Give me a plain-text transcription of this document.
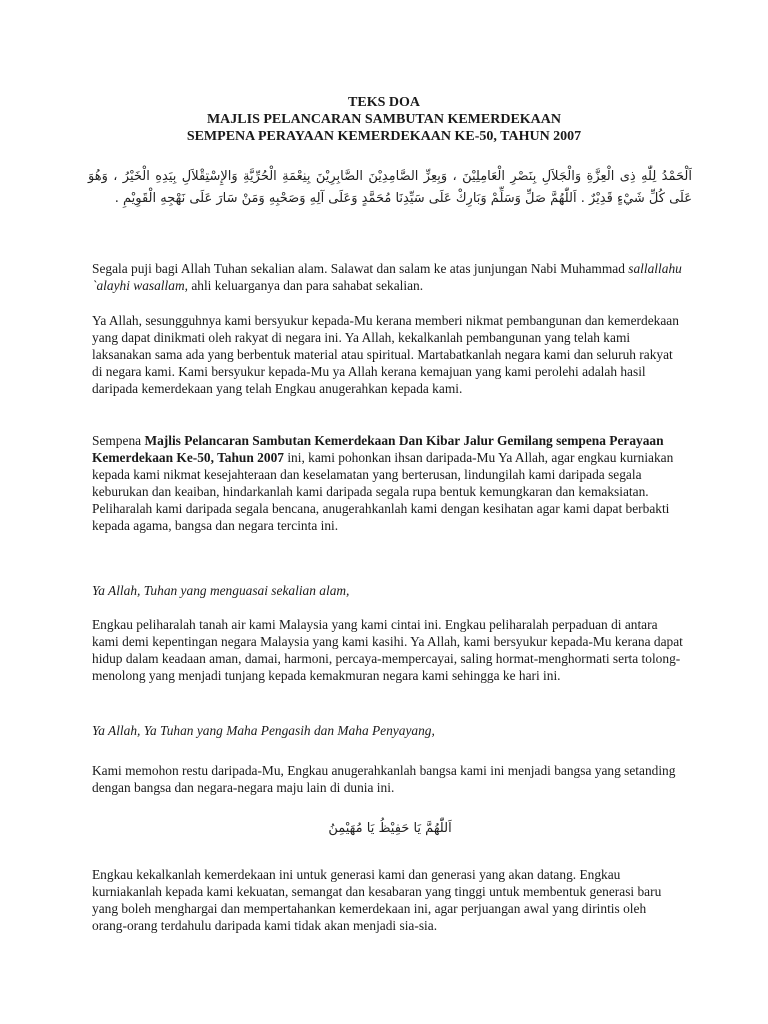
TEKS DOA
MAJLIS PELANCARAN SAMBUTAN KEMERDEKAAN
SEMPENA PERAYAAN KEMERDEKAAN KE-50, TAHUN 2007
اَلْحَمْدُ لِلّٰهِ ذِى الْعِزَّةِ وَالْجَلاَلِ بِنَصْرِ الْعَامِلِيْنَ ، وَبِعِزِّ الصَّامِدِيْنَ الصَّابِرِيْنَ بِنِعْمَةِ الْحُرِّيَّةِ وَالإِسْتِقْلاَلِ بِيَدِهِ الْخَيْرُ ، وَهُوَ عَلَى كُلِّ شَيْءٍ قَدِيْرٌ . اَللّٰهُمَّ صَلِّ وَسَلِّمْ وَبَارِكْ عَلَى سَيِّدِنَا مُحَمَّدٍ وَعَلَى آلِهِ وَصَحْبِهِ وَمَنْ سَارَ عَلَى نَهْجِهِ الْقَوِيْمِ .

Segala puji bagi Allah Tuhan sekalian alam. Salawat dan salam ke atas junjungan Nabi Muhammad sallallahu `alayhi wasallam, ahli keluarganya dan para sahabat sekalian.

Ya Allah, sesungguhnya kami bersyukur kepada-Mu kerana memberi nikmat pembangunan dan kemerdekaan yang dapat dinikmati oleh rakyat di negara ini. Ya Allah, kekalkanlah pembangunan yang telah kami laksanakan sama ada yang berbentuk material atau spiritual. Martabatkanlah negara kami dan seluruh rakyat di negara kami. Kami bersyukur kepada-Mu ya Allah kerana kemajuan yang kami perolehi adalah hasil daripada kemerdekaan yang telah Engkau anugerahkan kepada kami.

Sempena Majlis Pelancaran Sambutan Kemerdekaan Dan Kibar Jalur Gemilang sempena Perayaan Kemerdekaan Ke-50, Tahun 2007 ini, kami pohonkan ihsan daripada-Mu Ya Allah, agar engkau kurniakan kepada kami nikmat kesejahteraan dan keselamatan yang berterusan, lindungilah kami daripada segala keburukan dan keaiban, hindarkanlah kami daripada segala rupa bentuk kemungkaran dan kemaksiatan. Peliharalah kami daripada segala bencana, anugerahkanlah kami dengan kesihatan agar kami dapat berbakti kepada agama, bangsa dan negara tercinta ini.

Ya Allah, Tuhan yang menguasai sekalian alam,

Engkau peliharalah tanah air kami Malaysia yang kami cintai ini. Engkau peliharalah perpaduan di antara kami demi kepentingan negara Malaysia yang kami kasihi. Ya Allah, kami bersyukur kepada-Mu kerana dapat hidup dalam keadaan aman, damai, harmoni, percaya-mempercayai, saling hormat-menghormati serta tolong-menolong yang menjadi tunjang kepada kemakmuran negara kami sehingga ke hari ini.

Ya Allah, Ya Tuhan yang Maha Pengasih dan Maha Penyayang,

Kami memohon restu daripada-Mu, Engkau anugerahkanlah bangsa kami ini menjadi bangsa yang setanding dengan bangsa dan negara-negara maju lain di dunia ini.

اَللّٰهُمَّ يَا حَفِيْظُ يَا مُهَيْمِنُ

Engkau kekalkanlah kemerdekaan ini untuk generasi kami dan generasi yang akan datang. Engkau kurniakanlah kepada kami kekuatan, semangat dan kesabaran yang tinggi untuk membentuk generasi baru yang boleh menghargai dan mempertahankan kemerdekaan ini, agar perjuangan awal yang dirintis oleh orang-orang terdahulu daripada kami tidak akan menjadi sia-sia.
